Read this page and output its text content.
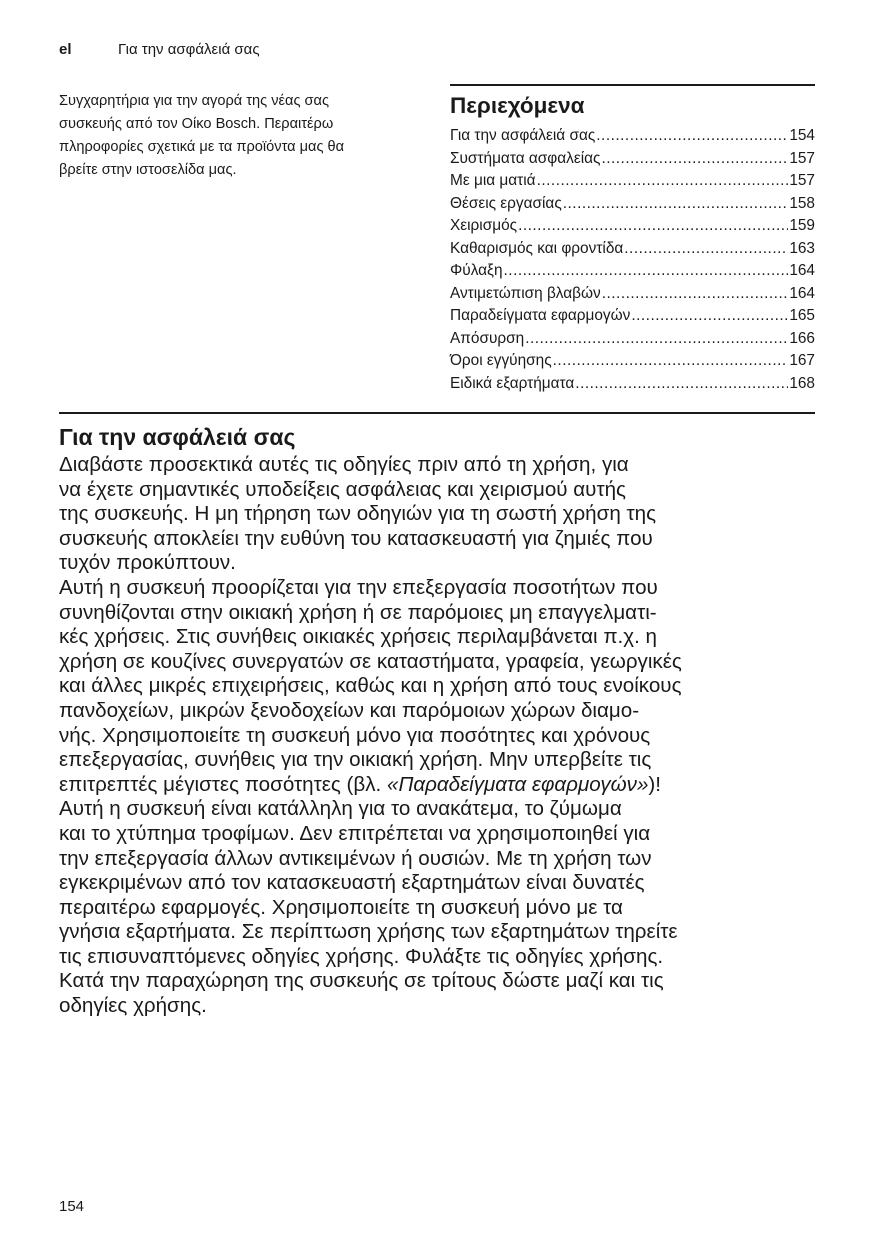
el	Για την ασφάλειά σας
Συγχαρητήρια για την αγορά της νέας σας
συσκευής από τον Οίκο Bosch. Περαιτέρω
πληροφορίες σχετικά με τα προϊόντα μας θα
βρείτε στην ιστοσελίδα μας.
Περιεχόμενα
Για την ασφάλειά σας .....	154
Συστήματα ασφαλείας .....	157
Με μια ματιά .....	157
Θέσεις εργασίας .....	158
Χειρισμός .....	159
Καθαρισμός και φροντίδα .....	163
Φύλαξη .....	164
Αντιμετώπιση βλαβών .....	164
Παραδείγματα εφαρμογών .....	165
Απόσυρση .....	166
Όροι εγγύησης .....	167
Ειδικά εξαρτήματα .....	168
Για την ασφάλειά σας
Διαβάστε προσεκτικά αυτές τις οδηγίες πριν από τη χρήση, για
να έχετε σημαντικές υποδείξεις ασφάλειας και χειρισμού αυτής
της συσκευής. Η μη τήρηση των οδηγιών για τη σωστή χρήση της
συσκευής αποκλείει την ευθύνη του κατασκευαστή για ζημιές που
τυχόν προκύπτουν.
Αυτή η συσκευή προορίζεται για την επεξεργασία ποσοτήτων που
συνηθίζονται στην οικιακή χρήση ή σε παρόμοιες μη επαγγελματι-
κές χρήσεις. Στις συνήθεις οικιακές χρήσεις περιλαμβάνεται π.χ. η
χρήση σε κουζίνες συνεργατών σε καταστήματα, γραφεία, γεωργικές
και άλλες μικρές επιχειρήσεις, καθώς και η χρήση από τους ενοίκους
πανδοχείων, μικρών ξενοδοχείων και παρόμοιων χώρων διαμο-
νής. Χρησιμοποιείτε τη συσκευή μόνο για ποσότητες και χρόνους
επεξεργασίας, συνήθεις για την οικιακή χρήση. Μην υπερβείτε τις
επιτρεπτές μέγιστες ποσότητες (βλ. «Παραδείγματα εφαρμογών»)!
Αυτή η συσκευή είναι κατάλληλη για το ανακάτεμα, το ζύμωμα
και το χτύπημα τροφίμων. Δεν επιτρέπεται να χρησιμοποιηθεί για
την επεξεργασία άλλων αντικειμένων ή ουσιών. Με τη χρήση των
εγκεκριμένων από τον κατασκευαστή εξαρτημάτων είναι δυνατές
περαιτέρω εφαρμογές. Χρησιμοποιείτε τη συσκευή μόνο με τα
γνήσια εξαρτήματα. Σε περίπτωση χρήσης των εξαρτημάτων τηρείτε
τις επισυναπτόμενες οδηγίες χρήσης. Φυλάξτε τις οδηγίες χρήσης.
Κατά την παραχώρηση της συσκευής σε τρίτους δώστε μαζί και τις
οδηγίες χρήσης.
154
